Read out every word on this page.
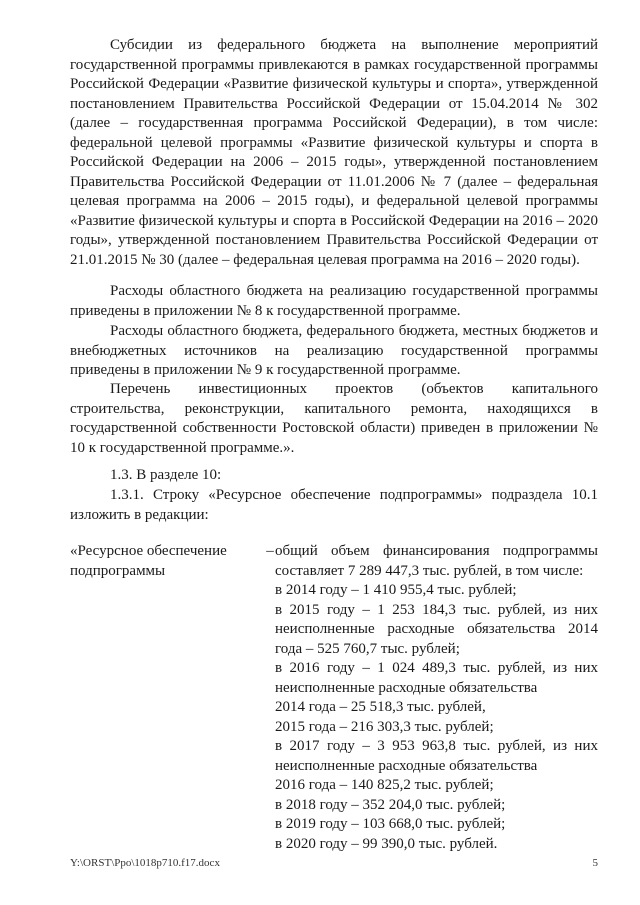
Субсидии из федерального бюджета на выполнение мероприятий государственной программы привлекаются в рамках государственной программы Российской Федерации «Развитие физической культуры и спорта», утвержденной постановлением Правительства Российской Федерации от 15.04.2014 № 302 (далее – государственная программа Российской Федерации), в том числе: федеральной целевой программы «Развитие физической культуры и спорта в Российской Федерации на 2006 – 2015 годы», утвержденной постановлением Правительства Российской Федерации от 11.01.2006 № 7 (далее – федеральная целевая программа на 2006 – 2015 годы), и федеральной целевой программы «Развитие физической культуры и спорта в Российской Федерации на 2016 – 2020 годы», утвержденной постановлением Правительства Российской Федерации от 21.01.2015 № 30 (далее – федеральная целевая программа на 2016 – 2020 годы).

Расходы областного бюджета на реализацию государственной программы приведены в приложении № 8 к государственной программе.

Расходы областного бюджета, федерального бюджета, местных бюджетов и внебюджетных источников на реализацию государственной программы приведены в приложении № 9 к государственной программе.

Перечень инвестиционных проектов (объектов капитального строительства, реконструкции, капитального ремонта, находящихся в государственной собственности Ростовской области) приведен в приложении № 10 к государственной программе.».

1.3. В разделе 10:

1.3.1. Строку «Ресурсное обеспечение подпрограммы» подраздела 10.1 изложить в редакции:

«Ресурсное обеспечение подпрограммы
– общий объем финансирования подпрограммы составляет 7 289 447,3 тыс. рублей, в том числе:

в 2014 году – 1 410 955,4 тыс. рублей;

в 2015 году – 1 253 184,3 тыс. рублей, из них неисполненные расходные обязательства 2014 года – 525 760,7 тыс. рублей;

в 2016 году – 1 024 489,3 тыс. рублей, из них неисполненные расходные обязательства

2014 года – 25 518,3 тыс. рублей,

2015 года – 216 303,3 тыс. рублей;

в 2017 году – 3 953 963,8 тыс. рублей, из них неисполненные расходные обязательства

2016 года – 140 825,2 тыс. рублей;

в 2018 году – 352 204,0 тыс. рублей;

в 2019 году – 103 668,0 тыс. рублей;

в 2020 году – 99 390,0 тыс. рублей.

Y:\ORST\Ppo\1018p710.f17.docx	5
